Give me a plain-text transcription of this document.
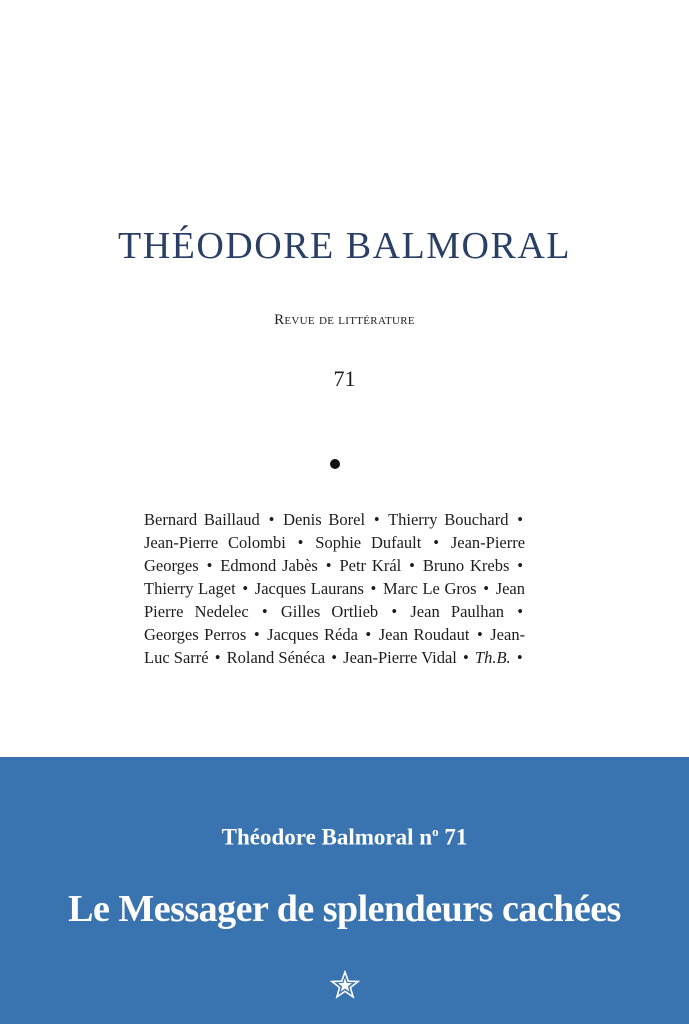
THÉODORE BALMORAL
Revue de littérature
71

Bernard Baillaud • Denis Borel • Thierry Bouchard • Jean-Pierre Colombi • Sophie Dufault • Jean-Pierre Georges • Edmond Jabès • Petr Král • Bruno Krebs • Thierry Laget • Jacques Laurans • Marc Le Gros • Jean Pierre Nedelec • Gilles Ortlieb • Jean Paulhan • Georges Perros • Jacques Réda • Jean Roudaut • Jean-Luc Sarré • Roland Sénéca • Jean-Pierre Vidal • Th.B. •

Théodore Balmoral $n^o$ 71
Le Messager de splendeurs cachées
